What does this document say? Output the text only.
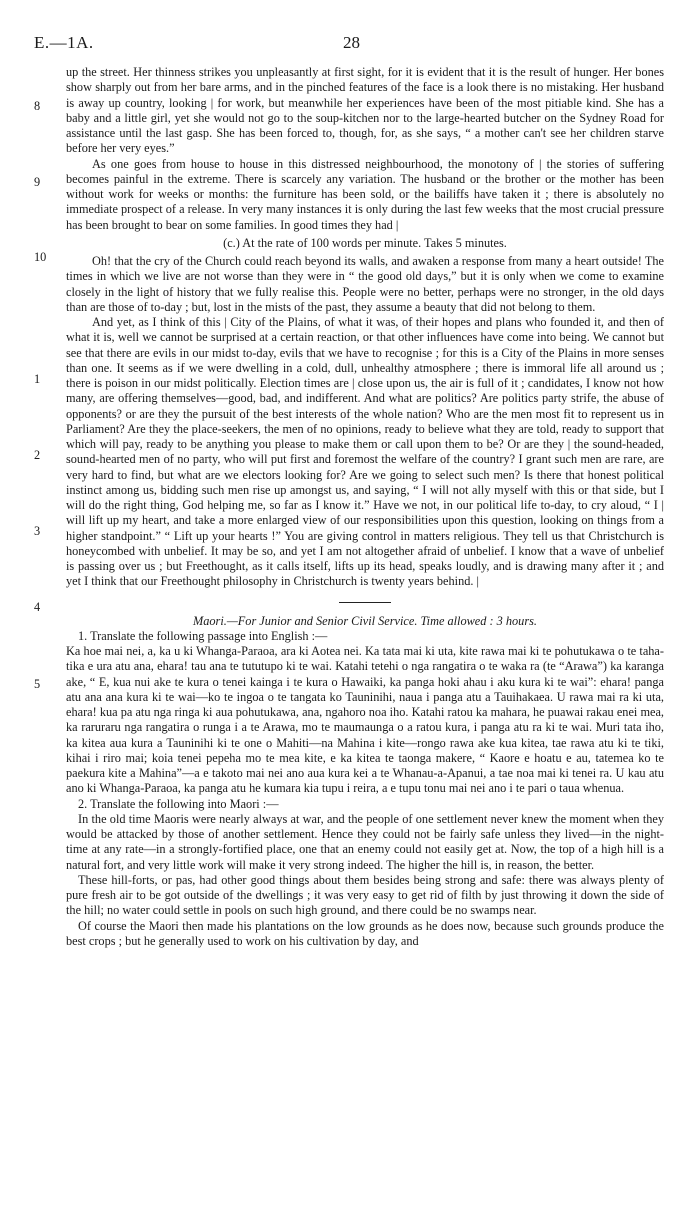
E.—1A.	28
8
9
10
1
2
3
4
5

up the street. Her thinness strikes you unpleasantly at first sight, for it is evident that it is the result of hunger. Her bones show sharply out from her bare arms, and in the pinched features of the face is a look there is no mistaking. Her husband is away up country, looking | for work, but meanwhile her experiences have been of the most pitiable kind. She has a baby and a little girl, yet she would not go to the soup-kitchen nor to the large-hearted butcher on the Sydney Road for assistance until the last gasp. She has been forced to, though, for, as she says, “ a mother can't see her children starve before her very eyes.”

As one goes from house to house in this distressed neighbourhood, the monotony of | the stories of suffering becomes painful in the extreme. There is scarcely any variation. The husband or the brother or the mother has been without work for weeks or months: the furniture has been sold, or the bailiffs have taken it ; there is absolutely no immediate prospect of a release. In very many instances it is only during the last few weeks that the most crucial pressure has been brought to bear on some families. In good times they had |

(c.) At the rate of 100 words per minute. Takes 5 minutes.

Oh! that the cry of the Church could reach beyond its walls, and awaken a response from many a heart outside! The times in which we live are not worse than they were in “ the good old days,” but it is only when we come to examine closely in the light of history that we fully realise this. People were no better, perhaps were no stronger, in the old days than are those of to-day ; but, lost in the mists of the past, they assume a beauty that did not belong to them.

And yet, as I think of this | City of the Plains, of what it was, of their hopes and plans who founded it, and then of what it is, well we cannot be surprised at a certain reaction, or that other influences have come into being. We cannot but see that there are evils in our midst to-day, evils that we have to recognise ; for this is a City of the Plains in more senses than one. It seems as if we were dwelling in a cold, dull, unhealthy atmosphere ; there is immoral life all around us ; there is poison in our midst politically. Election times are | close upon us, the air is full of it ; candidates, I know not how many, are offering themselves—good, bad, and indifferent. And what are politics? Are politics party strife, the abuse of opponents? or are they the pursuit of the best interests of the whole nation? Who are the men most fit to represent us in Parliament? Are they the place-seekers, the men of no opinions, ready to believe what they are told, ready to support that which will pay, ready to be anything you please to make them or call upon them to be? Or are they | the sound-headed, sound-hearted men of no party, who will put first and foremost the welfare of the country? I grant such men are rare, are very hard to find, but what are we electors looking for? Are we going to select such men? Is there that honest political instinct among us, bidding such men rise up amongst us, and saying, “ I will not ally myself with this or that side, but I will do the right thing, God helping me, so far as I know it.” Have we not, in our political life to-day, to cry aloud, “ I | will lift up my heart, and take a more enlarged view of our responsibilities upon this question, looking on things from a higher standpoint.” “ Lift up your hearts !” You are giving control in matters religious. They tell us that Christchurch is honeycombed with unbelief. It may be so, and yet I am not altogether afraid of unbelief. I know that a wave of unbelief is passing over us ; but Freethought, as it calls itself, lifts up its head, speaks loudly, and is drawing many after it ; and yet I think that our Freethought philosophy in Christchurch is twenty years behind. |

Maori.—For Junior and Senior Civil Service. Time allowed : 3 hours.

1. Translate the following passage into English :—

Ka hoe mai nei, a, ka u ki Whanga-Paraoa, ara ki Aotea nei. Ka tata mai ki uta, kite rawa mai ki te pohutukawa o te taha-tika e ura atu ana, ehara! tau ana te tututupo ki te wai. Katahi tetehi o nga rangatira o te waka ra (te “Arawa”) ka karanga ake, “ E, kua nui ake te kura o tenei kainga i te kura o Hawaiki, ka panga hoki ahau i aku kura ki te wai”: ehara! panga atu ana ana kura ki te wai—ko te ingoa o te tangata ko Tauninihi, naua i panga atu a Tauihakaea. U rawa mai ra ki uta, ehara! kua pa atu nga ringa ki aua pohutukawa, ana, ngahoro noa iho. Katahi ratou ka mahara, he puawai rakau enei mea, ka raruraru nga rangatira o runga i a te Arawa, mo te maumaunga o a ratou kura, i panga atu ra ki te wai. Muri tata iho, ka kitea aua kura a Tauninihi ki te one o Mahiti—na Mahina i kite—rongo rawa ake kua kitea, tae rawa atu ki te tiki, kihai i riro mai; koia tenei pepeha mo te mea kite, e ka kitea te taonga makere, “ Kaore e hoatu e au, tatemea ko te paekura kite a Mahina”—a e takoto mai nei ano aua kura kei a te Whanau-a-Apanui, a tae noa mai ki tenei ra. U kau atu ano ki Whanga-Paraoa, ka panga atu he kumara kia tupu i reira, a e tupu tonu mai nei ano i te pari o taua whenua.

2. Translate the following into Maori :—

In the old time Maoris were nearly always at war, and the people of one settlement never knew the moment when they would be attacked by those of another settlement. Hence they could not be fairly safe unless they lived—in the night-time at any rate—in a strongly-fortified place, one that an enemy could not easily get at. Now, the top of a high hill is a natural fort, and very little work will make it very strong indeed. The higher the hill is, in reason, the better.

These hill-forts, or pas, had other good things about them besides being strong and safe: there was always plenty of pure fresh air to be got outside of the dwellings ; it was very easy to get rid of filth by just throwing it down the side of the hill; no water could settle in pools on such high ground, and there could be no swamps near.

Of course the Maori then made his plantations on the low grounds as he does now, because such grounds produce the best crops ; but he generally used to work on his cultivation by day, and
